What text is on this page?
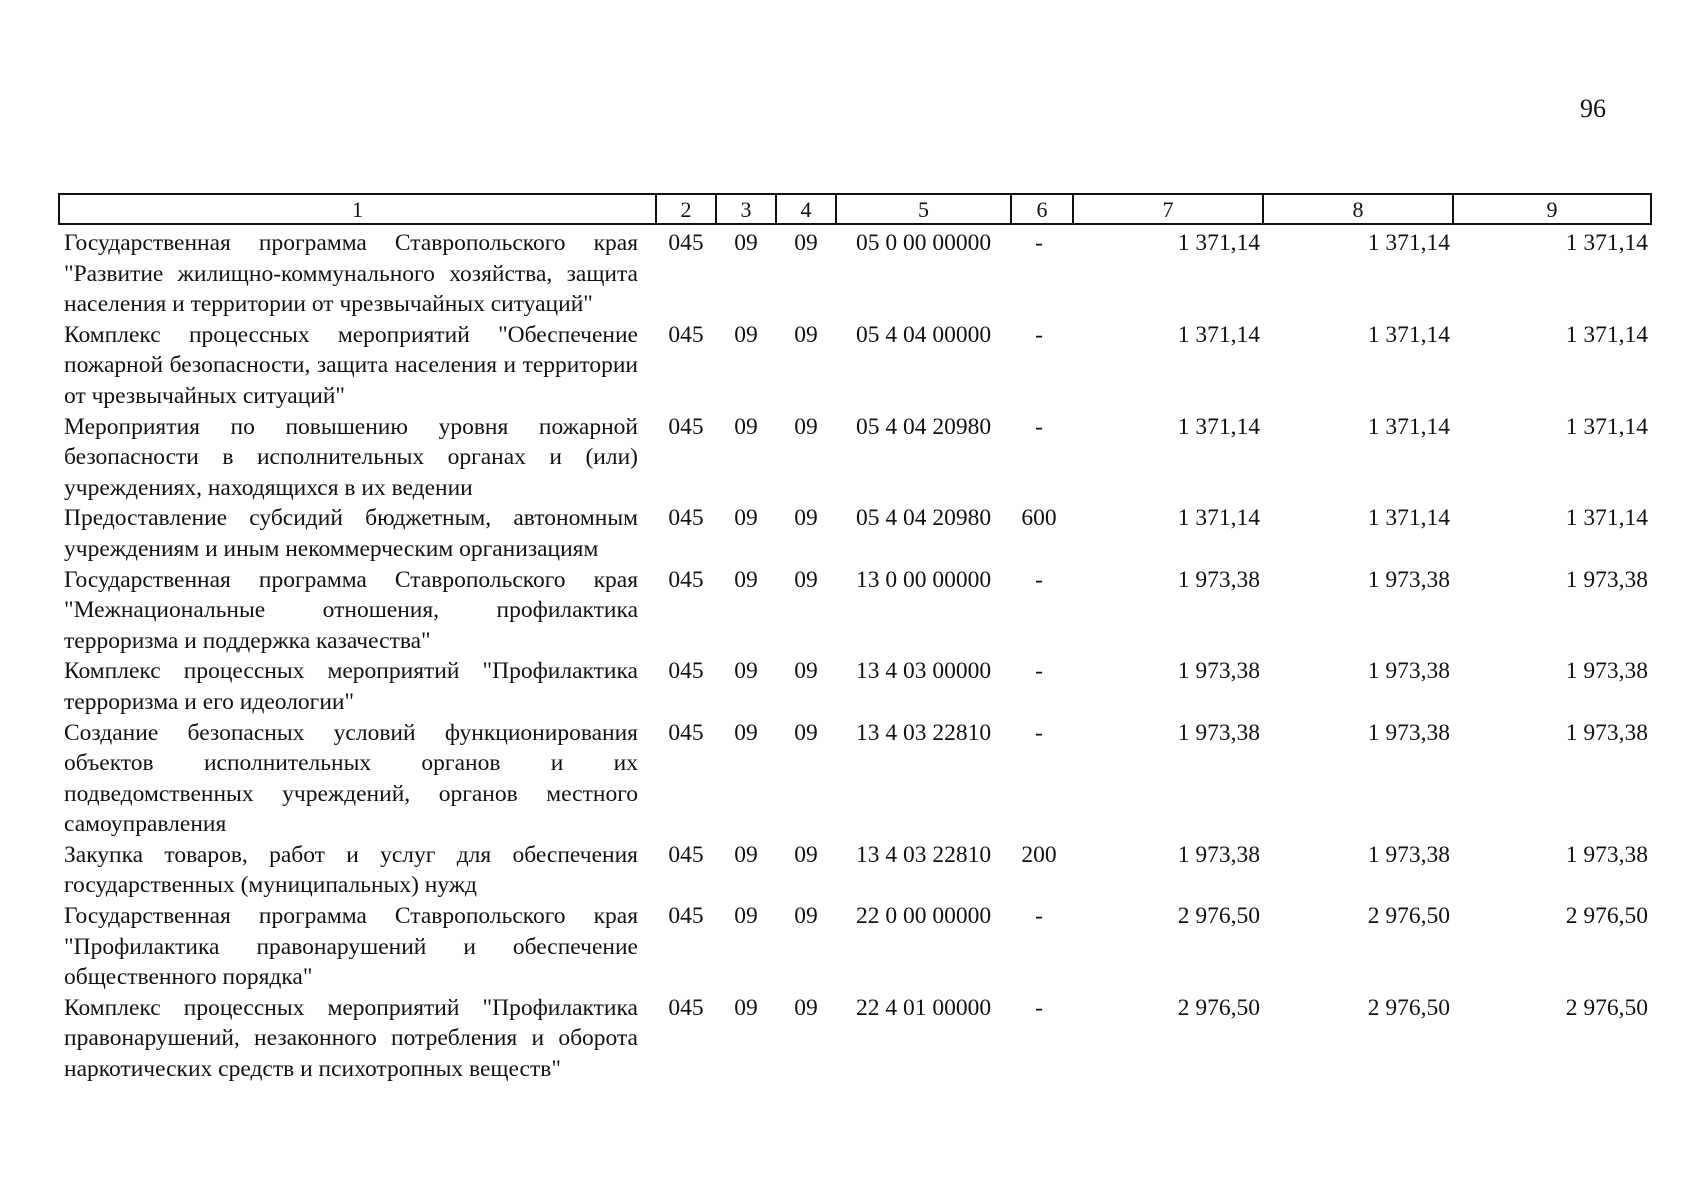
96
1	2	3	4	5	6	7	8	9
Государственная программа Ставропольского края "Развитие жилищно-коммунального хозяйства, защита населения и территории от чрезвычайных ситуаций"	045	09	09	05 0 00 00000	-	1 371,14	1 371,14	1 371,14
Комплекс процессных мероприятий "Обеспечение пожарной безопасности, защита населения и территории от чрезвычайных ситуаций"	045	09	09	05 4 04 00000	-	1 371,14	1 371,14	1 371,14
Мероприятия по повышению уровня пожарной безопасности в исполнительных органах и (или) учреждениях, находящихся в их ведении	045	09	09	05 4 04 20980	-	1 371,14	1 371,14	1 371,14
Предоставление субсидий бюджетным, автономным учреждениям и иным некоммерческим организациям	045	09	09	05 4 04 20980	600	1 371,14	1 371,14	1 371,14
Государственная программа Ставропольского края "Межнациональные отношения, профилактика терроризма и поддержка казачества"	045	09	09	13 0 00 00000	-	1 973,38	1 973,38	1 973,38
Комплекс процессных мероприятий "Профилактика терроризма и его идеологии"	045	09	09	13 4 03 00000	-	1 973,38	1 973,38	1 973,38
Создание безопасных условий функционирования объектов исполнительных органов и их подведомственных учреждений, органов местного самоуправления	045	09	09	13 4 03 22810	-	1 973,38	1 973,38	1 973,38
Закупка товаров, работ и услуг для обеспечения государственных (муниципальных) нужд	045	09	09	13 4 03 22810	200	1 973,38	1 973,38	1 973,38
Государственная программа Ставропольского края "Профилактика правонарушений и обеспечение общественного порядка"	045	09	09	22 0 00 00000	-	2 976,50	2 976,50	2 976,50
Комплекс процессных мероприятий "Профилактика правонарушений, незаконного потребления и оборота наркотических средств и психотропных веществ"	045	09	09	22 4 01 00000	-	2 976,50	2 976,50	2 976,50
